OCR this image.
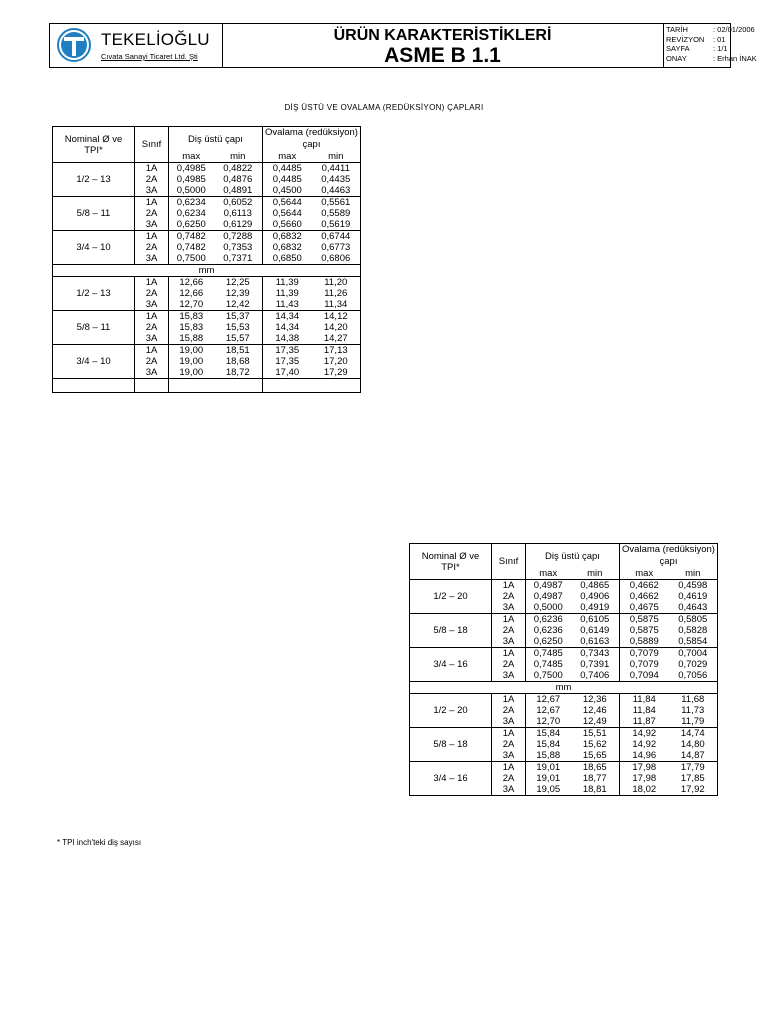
TEKELİOĞLU
Cıvata Sanayi Ticaret Ltd. Şti
ÜRÜN KARAKTERİSTİKLERİ
ASME B 1.1
TARİH	: 02/01/2006
REVİZYON : 01
SAYFA	: 1/1
ONAY	: Erhan İNAK
DİŞ ÜSTÜ VE OVALAMA (REDÜKSİYON) ÇAPLARI
Nominal Ø ve TPI*	Sınıf	Diş üstü çapı		Ovalama (redüksiyon) çapı	
		max	min	max	min
1/2 – 13	1A	0,4985	0,4822	0,4485	0,4411
	2A	0,4985	0,4876	0,4485	0,4435
	3A	0,5000	0,4891	0,4500	0,4463
5/8 – 11	1A	0,6234	0,6052	0,5644	0,5561
	2A	0,6234	0,6113	0,5644	0,5589
	3A	0,6250	0,6129	0,5660	0,5619
3/4 – 10	1A	0,7482	0,7288	0,6832	0,6744
	2A	0,7482	0,7353	0,6832	0,6773
	3A	0,7500	0,7371	0,6850	0,6806
mm					
1/2 – 13	1A	12,66	12,25	11,39	11,20
	2A	12,66	12,39	11,39	11,26
	3A	12,70	12,42	11,43	11,34
5/8 – 11	1A	15,83	15,37	14,34	14,12
	2A	15,83	15,53	14,34	14,20
	3A	15,88	15,57	14,38	14,27
3/4 – 10	1A	19,00	18,51	17,35	17,13
	2A	19,00	18,68	17,35	17,20
	3A	19,00	18,72	17,40	17,29

Nominal Ø ve TPI*	Sınıf	Diş üstü çapı		Ovalama (redüksiyon) çapı	
		max	min	max	min
1/2 – 20	1A	0,4987	0,4865	0,4662	0,4598
	2A	0,4987	0,4906	0,4662	0,4619
	3A	0,5000	0,4919	0,4675	0,4643
5/8 – 18	1A	0,6236	0,6105	0,5875	0,5805
	2A	0,6236	0,6149	0,5875	0,5828
	3A	0,6250	0,6163	0,5889	0,5854
3/4 – 16	1A	0,7485	0,7343	0,7079	0,7004
	2A	0,7485	0,7391	0,7079	0,7029
	3A	0,7500	0,7406	0,7094	0,7056
mm					
1/2 – 20	1A	12,67	12,36	11,84	11,68
	2A	12,67	12,46	11,84	11,73
	3A	12,70	12,49	11,87	11,79
5/8 – 18	1A	15,84	15,51	14,92	14,74
	2A	15,84	15,62	14,92	14,80
	3A	15,88	15,65	14,96	14,87
3/4 – 16	1A	19,01	18,65	17,98	17,79
	2A	19,01	18,77	17,98	17,85
	3A	19,05	18,81	18,02	17,92
* TPI inch'teki diş sayısı
